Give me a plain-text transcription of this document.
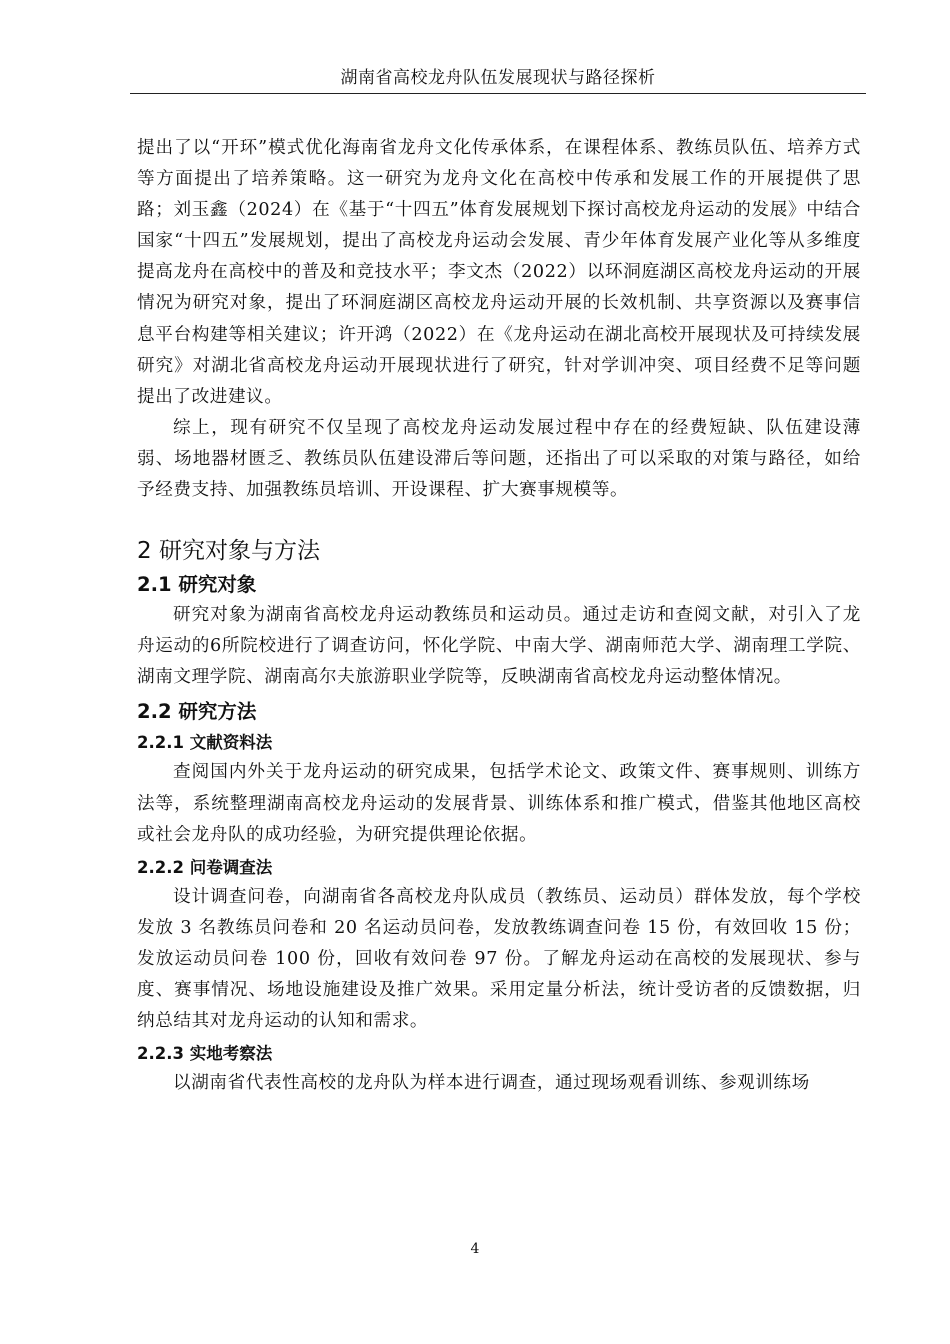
湖南省高校龙舟队伍发展现状与路径探析

提出了以“开环”模式优化海南省龙舟文化传承体系，在课程体系、教练员队伍、培养方式等方面提出了培养策略。这一研究为龙舟文化在高校中传承和发展工作的开展提供了思路；刘玉鑫（2024）在《基于“十四五”体育发展规划下探讨高校龙舟运动的发展》中结合国家“十四五”发展规划，提出了高校龙舟运动会发展、青少年体育发展产业化等从多维度提高龙舟在高校中的普及和竞技水平；李文杰（2022）以环洞庭湖区高校龙舟运动的开展情况为研究对象，提出了环洞庭湖区高校龙舟运动开展的长效机制、共享资源以及赛事信息平台构建等相关建议；许开鸿（2022）在《龙舟运动在湖北高校开展现状及可持续发展研究》对湖北省高校龙舟运动开展现状进行了研究，针对学训冲突、项目经费不足等问题提出了改进建议。

综上，现有研究不仅呈现了高校龙舟运动发展过程中存在的经费短缺、队伍建设薄弱、场地器材匮乏、教练员队伍建设滞后等问题，还指出了可以采取的对策与路径，如给予经费支持、加强教练员培训、开设课程、扩大赛事规模等。

2 研究对象与方法
2.1 研究对象

研究对象为湖南省高校龙舟运动教练员和运动员。通过走访和查阅文献，对引入了龙舟运动的6所院校进行了调查访问，怀化学院、中南大学、湖南师范大学、湖南理工学院、湖南文理学院、湖南高尔夫旅游职业学院等，反映湖南省高校龙舟运动整体情况。

2.2 研究方法
2.2.1 文献资料法

查阅国内外关于龙舟运动的研究成果，包括学术论文、政策文件、赛事规则、训练方法等，系统整理湖南高校龙舟运动的发展背景、训练体系和推广模式，借鉴其他地区高校或社会龙舟队的成功经验，为研究提供理论依据。

2.2.2 问卷调查法

设计调查问卷，向湖南省各高校龙舟队成员（教练员、运动员）群体发放，每个学校发放 3 名教练员问卷和 20 名运动员问卷，发放教练调查问卷 15 份，有效回收 15 份；发放运动员问卷 100 份，回收有效问卷 97 份。了解龙舟运动在高校的发展现状、参与度、赛事情况、场地设施建设及推广效果。采用定量分析法，统计受访者的反馈数据，归纳总结其对龙舟运动的认知和需求。

2.2.3 实地考察法

以湖南省代表性高校的龙舟队为样本进行调查，通过现场观看训练、参观训练场

4
